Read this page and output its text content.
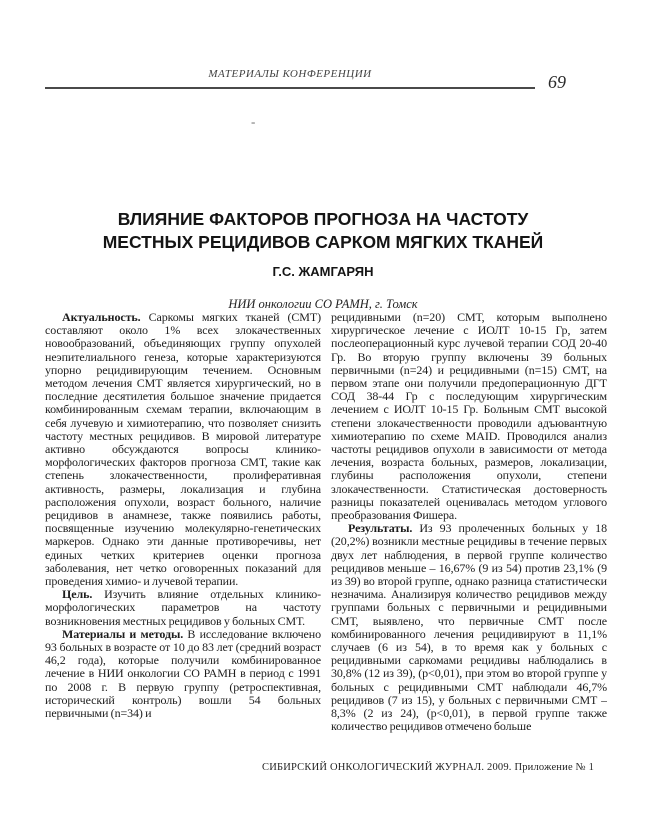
МАТЕРИАЛЫ КОНФЕРЕНЦИИ	69
-
ВЛИЯНИЕ ФАКТОРОВ ПРОГНОЗА НА ЧАСТОТУ
МЕСТНЫХ РЕЦИДИВОВ САРКОМ МЯГКИХ ТКАНЕЙ
Г.С. ЖАМГАРЯН
НИИ онкологии СО РАМН, г. Томск

Актуальность. Саркомы мягких тканей (СМТ) составляют около 1% всех злокачественных новообразований, объединяющих группу опухолей неэпителиального генеза, которые характеризуются упорно рецидивирующим течением. Основным методом лечения СМТ является хирургический, но в последние десятилетия большое значение придается комбинированным схемам терапии, включающим в себя лучевую и химиотерапию, что позволяет снизить частоту местных рецидивов. В мировой литературе активно обсуждаются вопросы клинико-морфологических факторов прогноза СМТ, такие как степень злокачественности, пролиферативная активность, размеры, локализация и глубина расположения опухоли, возраст больного, наличие рецидивов в анамнезе, также появились работы, посвященные изучению молекулярно-генетических маркеров. Однако эти данные противоречивы, нет единых четких критериев оценки прогноза заболевания, нет четко оговоренных показаний для проведения химио- и лучевой терапии.

Цель. Изучить влияние отдельных клинико-морфологических параметров на частоту возникновения местных рецидивов у больных СМТ.

Материалы и методы. В исследование включено 93 больных в возрасте от 10 до 83 лет (средний возраст 46,2 года), которые получили комбинированное лечение в НИИ онкологии СО РАМН в период с 1991 по 2008 г. В первую группу (ретроспективная, исторический контроль) вошли 54 больных первичными (n=34) и

рецидивными (n=20) СМТ, которым выполнено хирургическое лечение с ИОЛТ 10-15 Гр, затем послеоперационный курс лучевой терапии СОД 20-40 Гр. Во вторую группу включены 39 больных первичными (n=24) и рецидивными (n=15) СМТ, на первом этапе они получили предоперационную ДГТ СОД 38-44 Гр с последующим хирургическим лечением с ИОЛТ 10-15 Гр. Больным СМТ высокой степени злокачественности проводили адъювантную химиотерапию по схеме MAID. Проводился анализ частоты рецидивов опухоли в зависимости от метода лечения, возраста больных, размеров, локализации, глубины расположения опухоли, степени злокачественности. Статистическая достоверность разницы показателей оценивалась методом углового преобразования Фишера.

Результаты. Из 93 пролеченных больных у 18 (20,2%) возникли местные рецидивы в течение первых двух лет наблюдения, в первой группе количество рецидивов меньше – 16,67% (9 из 54) против 23,1% (9 из 39) во второй группе, однако разница статистически незначима. Анализируя количество рецидивов между группами больных с первичными и рецидивными СМТ, выявлено, что первичные СМТ после комбинированного лечения рецидивируют в 11,1% случаев (6 из 54), в то время как у больных с рецидивными саркомами рецидивы наблюдались в 30,8% (12 из 39), (p<0,01), при этом во второй группе у больных с рецидивными СМТ наблюдали 46,7% рецидивов (7 из 15), у больных с первичными СМТ – 8,3% (2 из 24), (p<0,01), в первой группе также количество рецидивов отмечено больше

СИБИРСКИЙ ОНКОЛОГИЧЕСКИЙ ЖУРНАЛ. 2009. Приложение № 1
